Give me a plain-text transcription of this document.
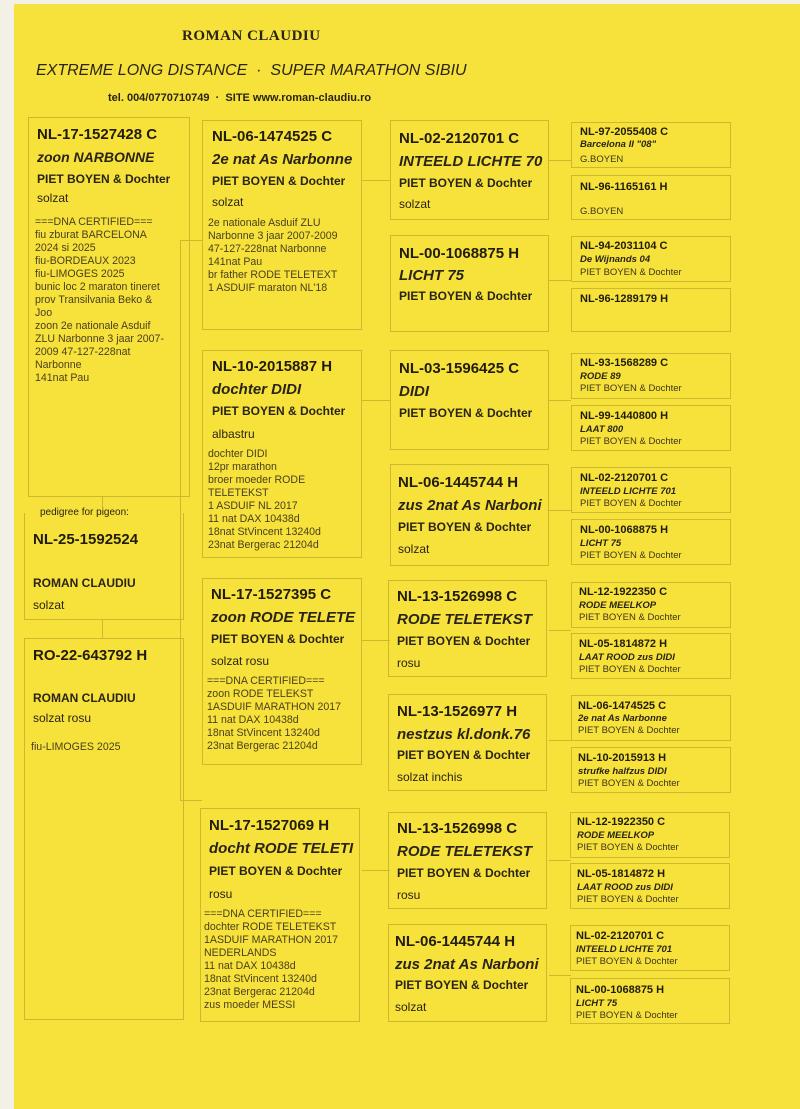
ROMAN CLAUDIU
EXTREME LONG DISTANCE  ·  SUPER MARATHON SIBIU
tel. 004/0770710749  ·  SITE www.roman-claudiu.ro
NL-17-1527428 C
zoon NARBONNE
PIET BOYEN & Dochter
solzat
===DNA CERTIFIED===
fiu zburat BARCELONA
2024 si 2025
fiu-BORDEAUX 2023
fiu-LIMOGES 2025
bunic loc 2 maraton tineret
prov Transilvania Beko &
Joo
zoon 2e nationale Asduif
ZLU Narbonne 3 jaar 2007-
2009 47-127-228nat
Narbonne
141nat Pau
pedigree for pigeon:
NL-25-1592524
ROMAN CLAUDIU
solzat
RO-22-643792 H
ROMAN CLAUDIU
solzat rosu
fiu-LIMOGES 2025
NL-06-1474525 C
2e nat As Narbonne
PIET BOYEN & Dochter
solzat
2e nationale Asduif ZLU
Narbonne 3 jaar 2007-2009
47-127-228nat Narbonne
141nat Pau
br father RODE TELETEXT
1 ASDUIF maraton NL'18
NL-10-2015887 H
dochter DIDI
PIET BOYEN & Dochter
albastru
dochter DIDI
12pr marathon
broer moeder RODE
TELETEKST
1 ASDUIF NL 2017
11 nat DAX 10438d
18nat StVincent 13240d
23nat Bergerac 21204d
NL-17-1527395 C
zoon RODE TELETE
PIET BOYEN & Dochter
solzat rosu
===DNA CERTIFIED===
zoon RODE TELEKST
1ASDUIF MARATHON 2017
11 nat DAX 10438d
18nat StVincent 13240d
23nat Bergerac 21204d
NL-17-1527069 H
docht RODE TELETI
PIET BOYEN & Dochter
rosu
===DNA CERTIFIED===
dochter RODE TELETEKST
1ASDUIF MARATHON 2017
NEDERLANDS
11 nat DAX 10438d
18nat StVincent 13240d
23nat Bergerac 21204d
zus moeder MESSI
NL-02-2120701 C
INTEELD LICHTE 70
PIET BOYEN & Dochter
solzat
NL-00-1068875 H
LICHT 75
PIET BOYEN & Dochter
NL-03-1596425 C
DIDI
PIET BOYEN & Dochter
NL-06-1445744 H
zus 2nat As Narboni
PIET BOYEN & Dochter
solzat
NL-13-1526998 C
RODE TELETEKST
PIET BOYEN & Dochter
rosu
NL-13-1526977 H
nestzus kl.donk.76
PIET BOYEN & Dochter
solzat inchis
NL-13-1526998 C
RODE TELETEKST
PIET BOYEN & Dochter
rosu
NL-06-1445744 H
zus 2nat As Narboni
PIET BOYEN & Dochter
solzat
NL-97-2055408 C
Barcelona II "08"
G.BOYEN
NL-96-1165161 H
G.BOYEN
NL-94-2031104 C
De Wijnands 04
PIET BOYEN & Dochter
NL-96-1289179 H
NL-93-1568289 C
RODE 89
PIET BOYEN & Dochter
NL-99-1440800 H
LAAT 800
PIET BOYEN & Dochter
NL-02-2120701 C
INTEELD LICHTE 701
PIET BOYEN & Dochter
NL-00-1068875 H
LICHT 75
PIET BOYEN & Dochter
NL-12-1922350 C
RODE MEELKOP
PIET BOYEN & Dochter
NL-05-1814872 H
LAAT ROOD zus DIDI
PIET BOYEN & Dochter
NL-06-1474525 C
2e nat As Narbonne
PIET BOYEN & Dochter
NL-10-2015913 H
strufke halfzus DIDI
PIET BOYEN & Dochter
NL-12-1922350 C
RODE MEELKOP
PIET BOYEN & Dochter
NL-05-1814872 H
LAAT ROOD zus DIDI
PIET BOYEN & Dochter
NL-02-2120701 C
INTEELD LICHTE 701
PIET BOYEN & Dochter
NL-00-1068875 H
LICHT 75
PIET BOYEN & Dochter
